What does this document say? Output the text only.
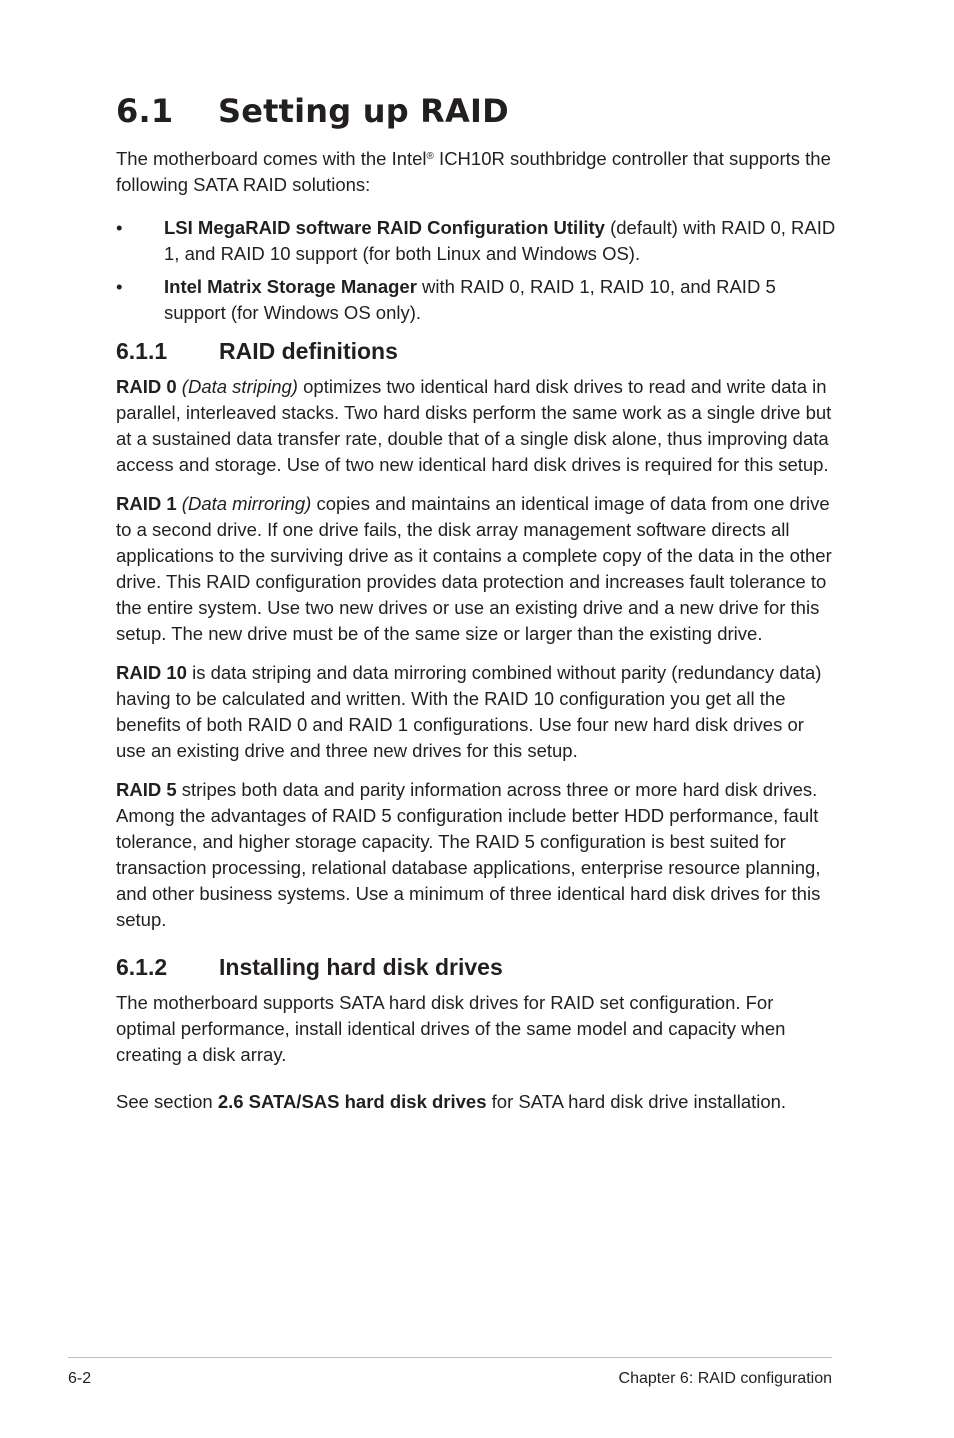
6.1 Setting up RAID

The motherboard comes with the Intel® ICH10R southbridge controller that supports the following SATA RAID solutions:

• LSI MegaRAID software RAID Configuration Utility (default) with RAID 0, RAID 1, and RAID 10 support (for both Linux and Windows OS).
• Intel Matrix Storage Manager with RAID 0, RAID 1, RAID 10, and RAID 5 support (for Windows OS only).
6.1.1 RAID definitions

RAID 0 (Data striping) optimizes two identical hard disk drives to read and write data in parallel, interleaved stacks. Two hard disks perform the same work as a single drive but at a sustained data transfer rate, double that of a single disk alone, thus improving data access and storage. Use of two new identical hard disk drives is required for this setup.

RAID 1 (Data mirroring) copies and maintains an identical image of data from one drive to a second drive. If one drive fails, the disk array management software directs all applications to the surviving drive as it contains a complete copy of the data in the other drive. This RAID configuration provides data protection and increases fault tolerance to the entire system. Use two new drives or use an existing drive and a new drive for this setup. The new drive must be of the same size or larger than the existing drive.

RAID 10 is data striping and data mirroring combined without parity (redundancy data) having to be calculated and written. With the RAID 10 configuration you get all the benefits of both RAID 0 and RAID 1 configurations. Use four new hard disk drives or use an existing drive and three new drives for this setup.

RAID 5 stripes both data and parity information across three or more hard disk drives. Among the advantages of RAID 5 configuration include better HDD performance, fault tolerance, and higher storage capacity. The RAID 5 configuration is best suited for transaction processing, relational database applications, enterprise resource planning, and other business systems. Use a minimum of three identical hard disk drives for this setup.

6.1.2 Installing hard disk drives

The motherboard supports SATA hard disk drives for RAID set configuration. For optimal performance, install identical drives of the same model and capacity when creating a disk array.

See section 2.6 SATA/SAS hard disk drives for SATA hard disk drive installation.

6-2	Chapter 6: RAID configuration
